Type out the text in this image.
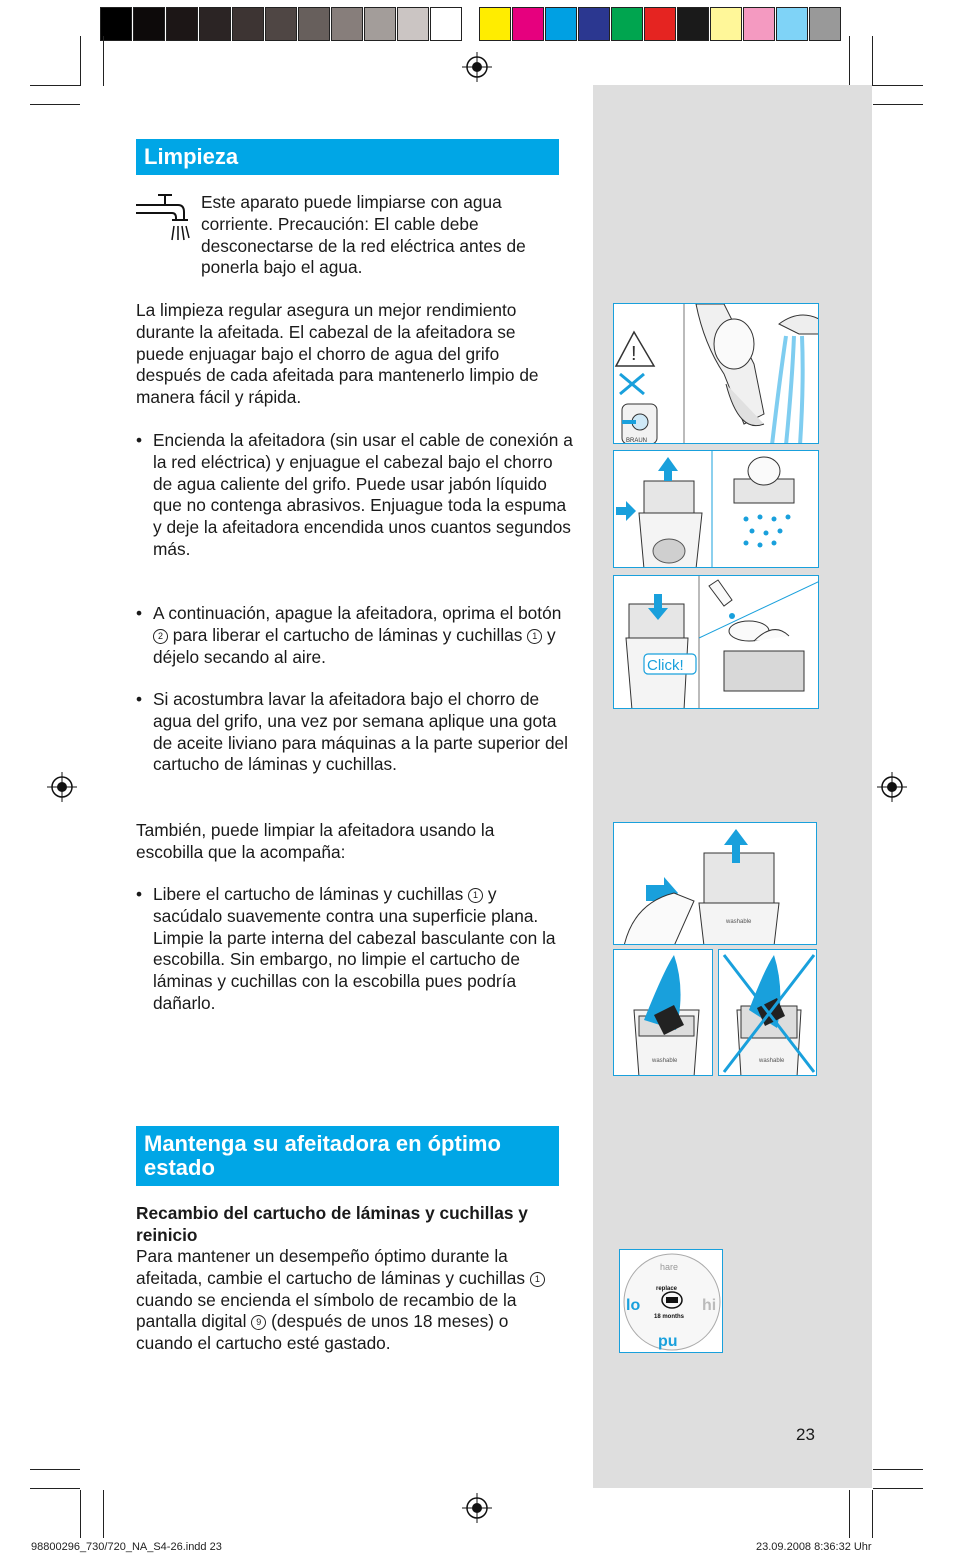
Limpieza

Este aparato puede limpiarse con agua corriente. Precaución: El cable debe desconectarse de la red eléctrica antes de ponerla bajo el agua.

La limpieza regular asegura un mejor rendimiento durante la afeitada. El cabezal de la afeitadora se puede enjuagar bajo el chorro de agua del grifo después de cada afeitada para mantenerlo limpio de manera fácil y rápida.

• Encienda la afeitadora (sin usar el cable de conexión a la red eléctrica) y enjuague el cabezal bajo el chorro de agua caliente del grifo. Puede usar jabón líquido que no contenga abrasivos. Enjuague toda la espuma y deje la afeitadora encendida unos cuantos segundos más.

• A continuación, apague la afeitadora, oprima el botón 2 para liberar el cartucho de láminas y cuchillas 1 y déjelo secando al aire.

• Si acostumbra lavar la afeitadora bajo el chorro de agua del grifo, una vez por semana aplique una gota de aceite liviano para máquinas a la parte superior del cartucho de láminas y cuchillas.

También, puede limpiar la afeitadora usando la escobilla que la acompaña:

• Libere el cartucho de láminas y cuchillas 1 y sacúdalo suavemente contra una superficie plana. Limpie la parte interna del cabezal basculante con la escobilla. Sin embargo, no limpie el cartucho de láminas y cuchillas con la escobilla pues podría dañarlo.

Mantenga su afeitadora en óptimo estado

Recambio del cartucho de láminas y cuchillas y reinicio

Para mantener un desempeño óptimo durante la afeitada, cambie el cartucho de láminas y cuchillas 1 cuando se encienda el símbolo de recambio de la pantalla digital 9 (después de unos 18 meses) o cuando el cartucho esté gastado.

!
BRAUN
Click!
washable
washable	washable
hare
lo	hi
pu
replace
18 months
23
98800296_730/720_NA_S4-26.indd 23	23.09.2008 8:36:32 Uhr
